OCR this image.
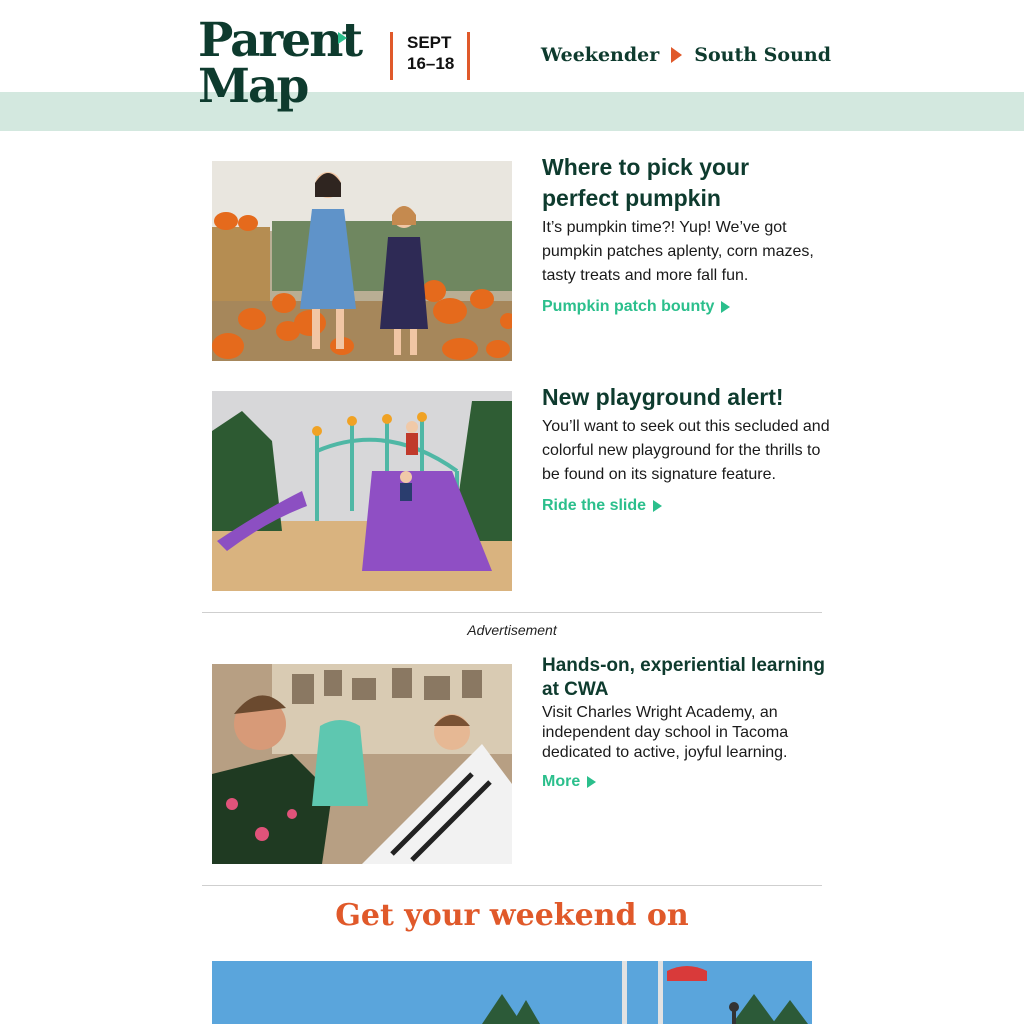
Parent
Map
SEPT
16–18	Weekender South Sound
Where to pick your perfect pumpkin
It’s pumpkin time?! Yup! We’ve got pumpkin patches aplenty, corn mazes, tasty treats and more fall fun.
Pumpkin patch bounty
New playground alert!
You’ll want to seek out this secluded and colorful new playground for the thrills to be found on its signature feature.
Ride the slide
Advertisement
Hands-on, experiential learning at CWA
Visit Charles Wright Academy, an independent day school in Tacoma dedicated to active, joyful learning.
More
Get your weekend on
